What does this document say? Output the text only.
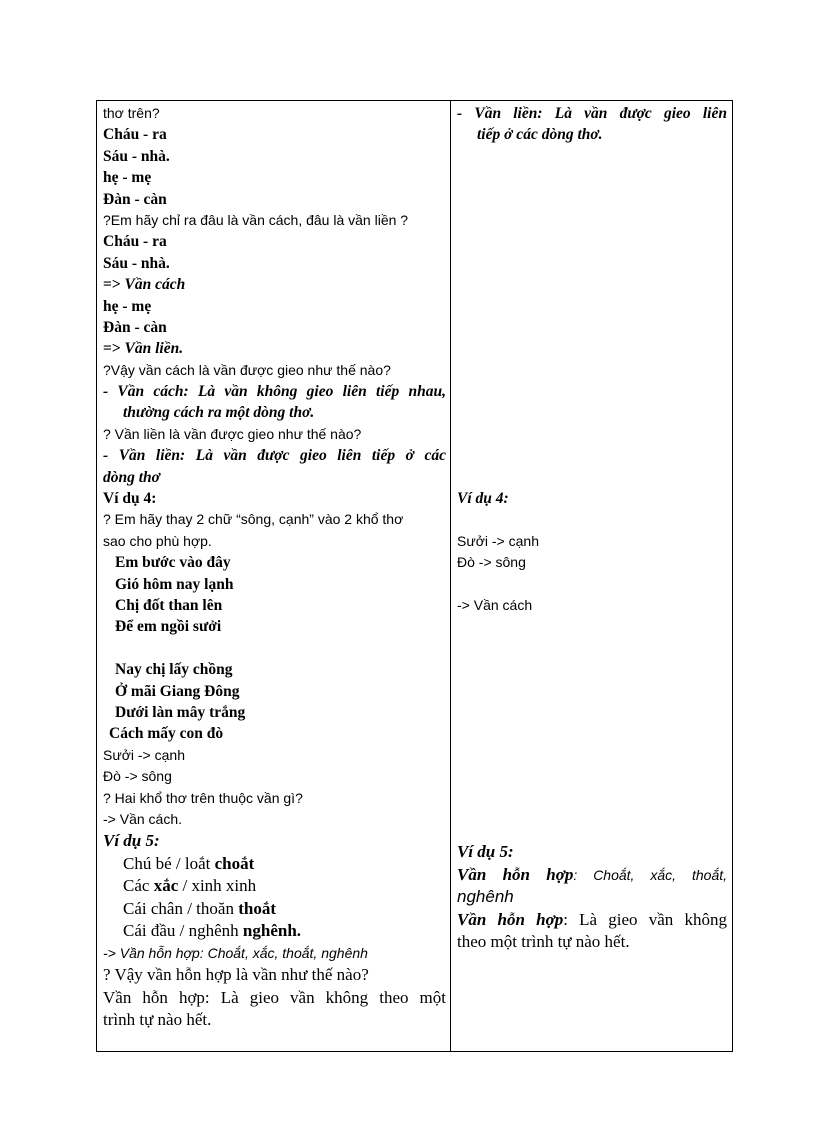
thơ trên?
Cháu - ra
Sáu - nhà.
hẹ - mẹ
Đàn - càn
?Em hãy chỉ ra đâu là vần cách, đâu là vần liền ?
Cháu - ra
Sáu - nhà.
=> Vần cách
hẹ - mẹ
Đàn - càn
=> Vần liền.
?Vậy vần cách là vần được gieo như thế nào?
- Vần cách: Là vần không gieo liên tiếp nhau,
thường cách ra một dòng thơ.
? Vần liền là vần được gieo như thế nào?
- Vần liền: Là vần được gieo liên tiếp ở các
dòng thơ
Ví dụ 4:
? Em hãy thay 2 chữ “sông, cạnh” vào 2 khổ thơ
sao cho phù hợp.
Em bước vào đây
Gió hôm nay lạnh
Chị đốt than lên
Để em ngồi sưởi
Nay chị lấy chồng
Ở mãi Giang Đông
Dưới làn mây trắng
Cách mấy con đò
Sưởi -> cạnh
Đò -> sông
? Hai khổ thơ trên thuộc vần gì?
-> Vần cách.
Ví dụ 5:
Chú bé / loắt choắt
Các xắc / xinh xinh
Cái chân / thoăn thoắt
Cái đầu / nghênh nghênh.
-> Vần hỗn hợp: Choắt, xắc, thoắt, nghênh
? Vậy vần hỗn hợp là vần như thế nào?
Vần hỗn hợp: Là gieo vần không theo một
trình tự nào hết.
- Vần liền: Là vần được gieo liên
tiếp ở các dòng thơ.
Ví dụ 4:
Sưởi -> cạnh
Đò -> sông
-> Vần cách
Ví dụ 5:
Vần hỗn hợp: Choắt, xắc, thoắt,
nghênh
Vần hỗn hợp: Là gieo vần không
theo một trình tự nào hết.
